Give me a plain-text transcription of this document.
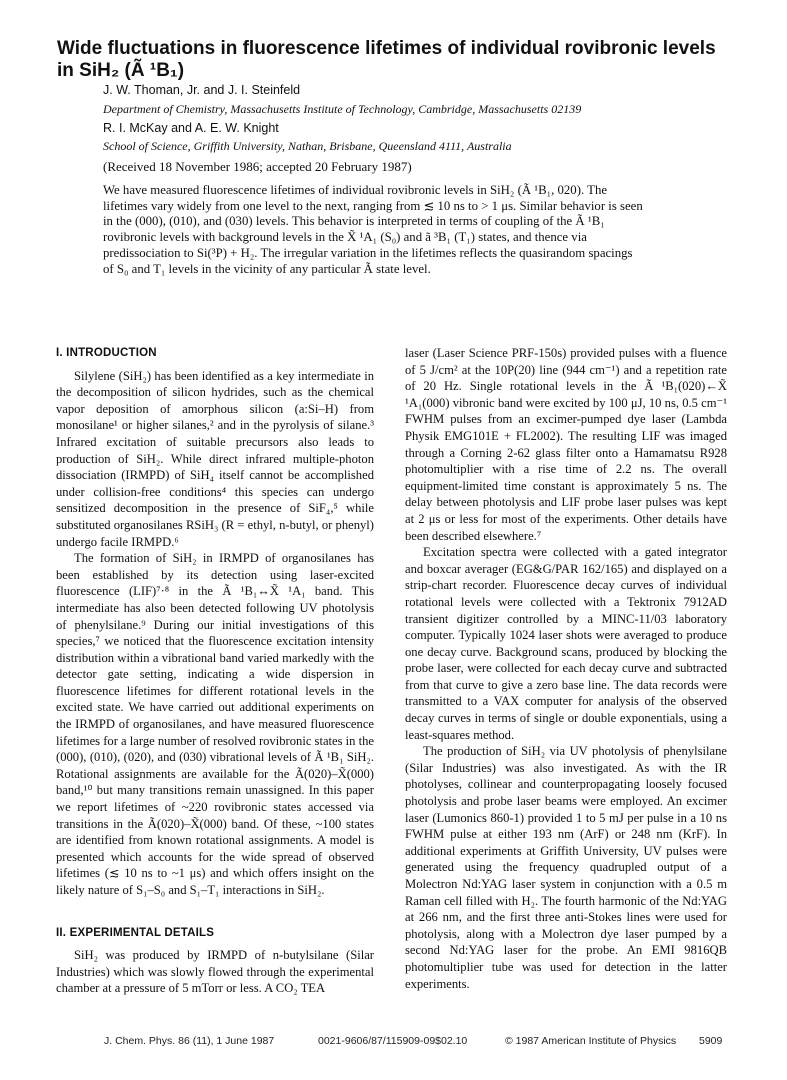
Wide fluctuations in fluorescence lifetimes of individual rovibronic levels in SiH₂ (Ã ¹B₁)
J. W. Thoman, Jr. and J. I. Steinfeld
Department of Chemistry, Massachusetts Institute of Technology, Cambridge, Massachusetts 02139
R. I. McKay and A. E. W. Knight
School of Science, Griffith University, Nathan, Brisbane, Queensland 4111, Australia
(Received 18 November 1986; accepted 20 February 1987)

We have measured fluorescence lifetimes of individual rovibronic levels in SiH₂ (Ã ¹B₁, 020). The lifetimes vary widely from one level to the next, ranging from ≲ 10 ns to > 1 μs. Similar behavior is seen in the (000), (010), and (030) levels. This behavior is interpreted in terms of coupling of the Ã ¹B₁ rovibronic levels with background levels in the X̃ ¹A₁ (S₀) and ã ³B₁ (T₁) states, and thence via predissociation to Si(³P) + H₂. The irregular variation in the lifetimes reflects the quasirandom spacings of S₀ and T₁ levels in the vicinity of any particular Ã state level.

I. INTRODUCTION

Silylene (SiH₂) has been identified as a key intermediate in the decomposition of silicon hydrides, such as the chemical vapor deposition of amorphous silicon (a:Si–H) from monosilane¹ or higher silanes,² and in the pyrolysis of silane.³ Infrared excitation of suitable precursors also leads to production of SiH₂. While direct infrared multiple-photon dissociation (IRMPD) of SiH₄ itself cannot be accomplished under collision-free conditions⁴ this species can undergo sensitized decomposition in the presence of SiF₄,⁵ while substituted organosilanes RSiH₃ (R = ethyl, n-butyl, or phenyl) undergo facile IRMPD.⁶

The formation of SiH₂ in IRMPD of organosilanes has been established by its detection using laser-excited fluorescence (LIF)⁷·⁸ in the Ã ¹B₁↔X̃ ¹A₁ band. This intermediate has also been detected following UV photolysis of phenylsilane.⁹ During our initial investigations of this species,⁷ we noticed that the fluorescence excitation intensity distribution within a vibrational band varied markedly with the detector gate setting, indicating a wide dispersion in fluorescence lifetimes for different rotational levels in the excited state. We have carried out additional experiments on the IRMPD of organosilanes, and have measured fluorescence lifetimes for a large number of resolved rovibronic states in the (000), (010), (020), and (030) vibrational levels of Ã ¹B₁ SiH₂. Rotational assignments are available for the Ã(020)–X̃(000) band,¹⁰ but many transitions remain unassigned. In this paper we report lifetimes of ~220 rovibronic states accessed via transitions in the Ã(020)–X̃(000) band. Of these, ~100 states are identified from known rotational assignments. A model is presented which accounts for the wide spread of observed lifetimes (≲ 10 ns to ~1 μs) and which offers insight on the likely nature of S₁–S₀ and S₁–T₁ interactions in SiH₂.

II. EXPERIMENTAL DETAILS

SiH₂ was produced by IRMPD of n-butylsilane (Silar Industries) which was slowly flowed through the experimental chamber at a pressure of 5 mTorr or less. A CO₂ TEA

laser (Laser Science PRF-150s) provided pulses with a fluence of 5 J/cm² at the 10P(20) line (944 cm⁻¹) and a repetition rate of 20 Hz. Single rotational levels in the Ã ¹B₁(020)←X̃ ¹A₁(000) vibronic band were excited by 100 μJ, 10 ns, 0.5 cm⁻¹ FWHM pulses from an excimer-pumped dye laser (Lambda Physik EMG101E + FL2002). The resulting LIF was imaged through a Corning 2-62 glass filter onto a Hamamatsu R928 photomultiplier with a rise time of 2.2 ns. The overall equipment-limited time constant is approximately 5 ns. The delay between photolysis and LIF probe laser pulses was kept at 2 μs or less for most of the experiments. Other details have been described elsewhere.⁷

Excitation spectra were collected with a gated integrator and boxcar averager (EG&G/PAR 162/165) and displayed on a strip-chart recorder. Fluorescence decay curves of individual rotational levels were collected with a Tektronix 7912AD transient digitizer controlled by a MINC-11/03 laboratory computer. Typically 1024 laser shots were averaged to produce one decay curve. Background scans, produced by blocking the probe laser, were collected for each decay curve and subtracted from that curve to give a zero base line. The data records were transmitted to a VAX computer for analysis of the observed decay curves in terms of single or double exponentials, using a least-squares method.

The production of SiH₂ via UV photolysis of phenylsilane (Silar Industries) was also investigated. As with the IR photolyses, collinear and counterpropagating loosely focused photolysis and probe laser beams were employed. An excimer laser (Lumonics 860-1) provided 1 to 5 mJ per pulse in a 10 ns FWHM pulse at either 193 nm (ArF) or 248 nm (KrF). In additional experiments at Griffith University, UV pulses were generated using the frequency quadrupled output of a Molectron Nd:YAG laser system in conjunction with a 0.5 m Raman cell filled with H₂. The fourth harmonic of the Nd:YAG at 266 nm, and the first three anti-Stokes lines were used for photolysis, along with a Molectron dye laser pumped by a second Nd:YAG laser for the probe. An EMI 9816QB photomultiplier tube was used for detection in the latter experiments.

J. Chem. Phys. 86 (11), 1 June 1987	0021-9606/87/115909-09$02.10	© 1987 American Institute of Physics 5909
